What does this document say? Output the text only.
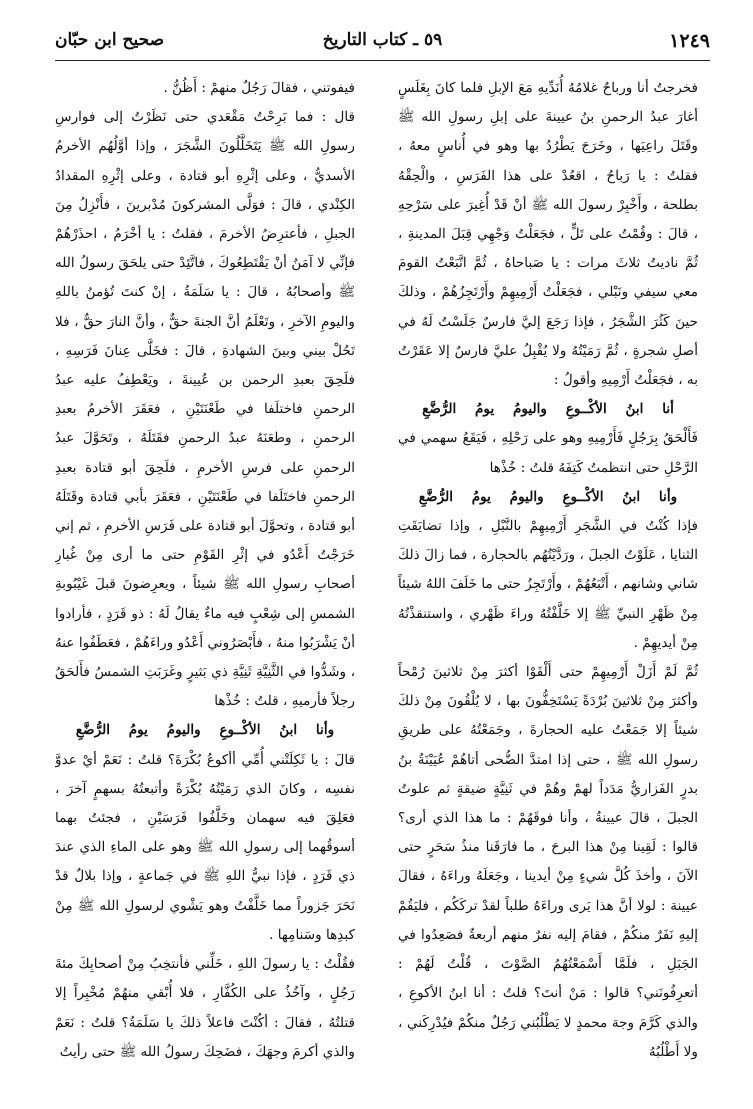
١٢٤٩
٥٩ ـ كتاب التاريخ
صحيح ابن حبّان

فخرجتُ أنا ورباحٌ غلامُهُ أُنَدِّيهِ مَعَ الإبلِ فلما كانَ بِغَلَسٍ أغارَ عبدُ الرحمنِ بنُ عيينةَ على إبلِ رسولِ الله ﷺ وقَتَلَ راعِيَها ، وخَرَجَ يَطْرُدُ بها وهو في أُناسٍ معهُ ، فقلتُ : يا رَباحُ ، اقعُدْ على هذا الفَرَسِ ، والْحِقْهُ بطلحة ، وأَخْبِرْ رسولَ الله ﷺ أنْ قَدْ أُغِيرَ على سَرْحِهِ ، قالَ : وقُمْتُ على تَلٍّ ، فجَعَلْتُ وَجْهِي قِبَلَ المدينةِ ، ثُمَّ ناديتُ ثلاثَ مرات : يا صَباحاهُ ، ثُمَّ اتَّبَعْتُ القومَ معي سيفي ونَبْلي ، فجَعَلْتُ أَرْمِيهِمْ وأَرْتَجِزُهُمْ ، وذلكَ حينَ كَثُرَ الشَّجَرُ ، فإذا رَجَعَ إليَّ فارسٌ جَلَسْتُ لَهُ في أصلِ شجرةٍ ، ثُمَّ رَمَيْتُهُ ولا يُقْبِلُ عليَّ فارسٌ إلا عَقَرْتُ به ، فجَعَلْتُ أَرْمِيهِ وأقولُ :

أنا ابنُ الأكْــوعِ واليومُ يومُ الرُّضَّعِ

فَأَلْحَقُ بِرَجُلٍ فَأَرْمِيهِ وهو على رَحْلِهِ ، فَيَقَعُ سهمي في الرَّحْلِ حتى انتظمتُ كَتِفَهُ قلتُ : خُذْها

وأنا ابنُ الأكْــوعِ واليومُ يومُ الرُّضَّعِ

فإذا كُنْتُ في الشَّجَرِ أَرْمِيهِمْ بالنَّبْلِ ، وإذا تضايَقَتِ الثنايا ، عَلَوْتُ الجبلَ ، ورَدَّيْتُهُم بالحجارة ، فما زالَ ذلكَ شاني وشانهم ، أَتْبَعُهُمْ ، وأَرْتَجِزُ حتى ما خَلَفَ اللهُ شيئاً مِنْ ظَهْرِ النبيِّ ﷺ إلا خَلَّفْتُهُ وراءَ ظَهْري ، واستنقذْتُهُ مِنْ أيديهِمْ .

ثُمَّ لَمْ أَزَلْ أَرْمِيهِمْ حتى أَلْقَوْا أكثرَ مِنْ ثلاثينَ رُمْحاً وأكثرَ مِنْ ثلاثينَ بُرْدَةً يَسْتَخِفُّونَ بها ، لا يُلْقُونَ مِنْ ذلكَ شيئاً إلا جَمَعْتُ عليه الحجارةَ ، وجَمَعْتُهُ على طريقِ رسولِ الله ﷺ ، حتى إذا امتدَّ الضُّحى أتاهُمْ عُيَيْنَةُ بنُ بدرٍ الفَزاريُّ مَدَداً لهمْ وهُمْ في ثَنِيَّةٍ ضيقةٍ ثم علوتُ الجبلَ ، قالَ عيينةُ ، وأنا فوقَهُمْ : ما هذا الذي أرى؟ قالوا : لَقِينا مِنْ هذا البرحَ ، ما فارَقَنا منذُ سَحَرٍ حتى الآنَ ، وأخذَ كُلَّ شيءٍ مِنْ أيدينا ، وجَعَلَهُ وراءَهُ ، فقالَ عيينة : لولا أنَّ هذا يَرى وراءَهُ طلباً لقدْ تركَكُم ، فليَقُمْ إليهِ نَفَرٌ منكُمْ ، فقامَ إليه نفرٌ منهم أربعةٌ فصَعِدُوا في الجَبَلِ ، فلَمَّا أَسْمَعْتُهُمُ الصَّوْتَ ، قُلْتُ لَهُمْ : أتعرِفُونَني؟ قالوا : مَنْ أنتَ؟ قلتُ : أنا ابنُ الأكوعِ ، والذي كَرَّمَ وجهَ محمدٍ لا يَطْلُبُني رَجُلٌ منكُمْ فيُدْرِكَني ، ولا أَطْلُبُهُ

فيفوتني ، فقالَ رَجُلٌ منهمْ : أَظُنُّ .

قال : فما بَرِحْتُ مَقْعَدي حتى نَظَرْتُ إلى فوارسِ رسولِ الله ﷺ يَتَخَلَّلُونَ الشَّجَرَ ، وإذا أوَّلُهُم الأخرمُ الأسديُّ ، وعلى إثْرِهِ أبو قتادة ، وعلى إثْرِهِ المقدادُ الكِنْدي ، قالَ : فوَلَّى المشركونَ مُدْبرينَ ، فأَنْزِلُ مِنَ الجبلِ ، فأعترِضُ الأخرمَ ، فقلتُ : يا أخْرَمُ ، احذَرْهُمْ فإنِّي لا آمَنُ أنْ يَقْتَطِعُوكَ ، فاتَّئِدْ حتى يلحَقَ رسولُ الله ﷺ وأصحابُهُ ، قالَ : يا سَلَمَةُ ، إنْ كنتَ تُؤمنُ باللهِ واليومِ الآخرِ ، وتَعْلَمُ أنَّ الجنةَ حقٌّ ، وأنَّ النارَ حقٌّ ، فلا تَحُلْ بيني وبينَ الشهادةِ ، قالَ : فخَلَّى عِنانَ فَرَسِهِ ، فلَحِقَ بعبدِ الرحمن بن عُيينةَ ، ويَعْطِفُ عليه عبدُ الرحمنِ فاختلَفا في طَعْنَتَيْنِ ، فعَقَرَ الأخرمُ بعبدِ الرحمنِ ، وطعَنَهُ عبدُ الرحمنِ فقَتَلَهُ ، وتَحَوَّلَ عبدُ الرحمنِ على فرسِ الأخرمِ ، فلَحِقَ أبو قتادة بعبدِ الرحمنِ فاختَلَفا في طَعْنَتَيْنِ ، فعَقَرَ بأبي قتادة وقَتَلَهُ أبو قتادة ، وتحوَّلَ أبو قتادة على فَرَسِ الأخرمِ ، ثم إني خَرَجْتُ أَعْدُو في إثْرِ القَوْمِ حتى ما أرى مِنْ غُبارِ أصحابِ رسولِ الله ﷺ شيئاً ، ويعرِضونَ قبلَ غَيْبُوبةِ الشمسِ إلى شِعْبٍ فيه ماءٌ يقالُ لَهُ : ذو قَرَدٍ ، فأرادوا أنْ يَشْرَبُوا منهُ ، فأَبْصَرُوني أَعْدُو وراءَهُمْ ، فعَطَفُوا عنهُ ، وشَدُّوا في الثَّنِيَّةِ ثَنِيَّةِ ذي بَثيرٍ وغَرَبَتِ الشمسُ فأَلحَقُ رجلاً فأرميهِ ، قلتُ : خُذْها

وأنا ابنُ الأكْــوعِ واليومُ يومُ الرُّضَّعِ

قالَ : يا ثَكِلَتْني أُمِّي أأكوعُ بُكْرَةَ؟ قلتُ : نَعَمْ أيْ عدوَّ نفسِه ، وكانَ الذي رَمَيْتُهُ بُكْرَةً وأتبعتُهُ بسهمٍ آخرَ ، فعَلِقَ فيه سهمان وخَلَّفُوا فَرَسَيْنِ ، فجئتُ بهما أسوقُهما إلى رسولِ الله ﷺ وهو على الماءِ الذي عندَ ذي قَرَدٍ ، فإذا نبيُّ اللهِ ﷺ في جَماعةٍ ، وإذا بلالٌ قدْ نَحَرَ جَزوراً مما خَلَّفْتُ وهو يَشْوي لرسولِ الله ﷺ مِنْ كبدِها وسَنامِها .

فقُلْتُ : يا رسولَ اللهِ ، خَلِّني فأنتخِبُ مِنْ أصحابِكَ مئةَ رَجُلٍ ، وآخُذُ على الكُفَّارِ ، فلا أُبْقي منهُمْ مُخْبِراً إلا قتلتُهُ ، فقالَ : أكُنْتَ فاعلاً ذلكَ يا سَلَمَةُ؟ قلتُ : نَعَمْ والذي أكرمَ وجهَكَ ، فضَحِكَ رسولُ الله ﷺ حتى رأيتُ
